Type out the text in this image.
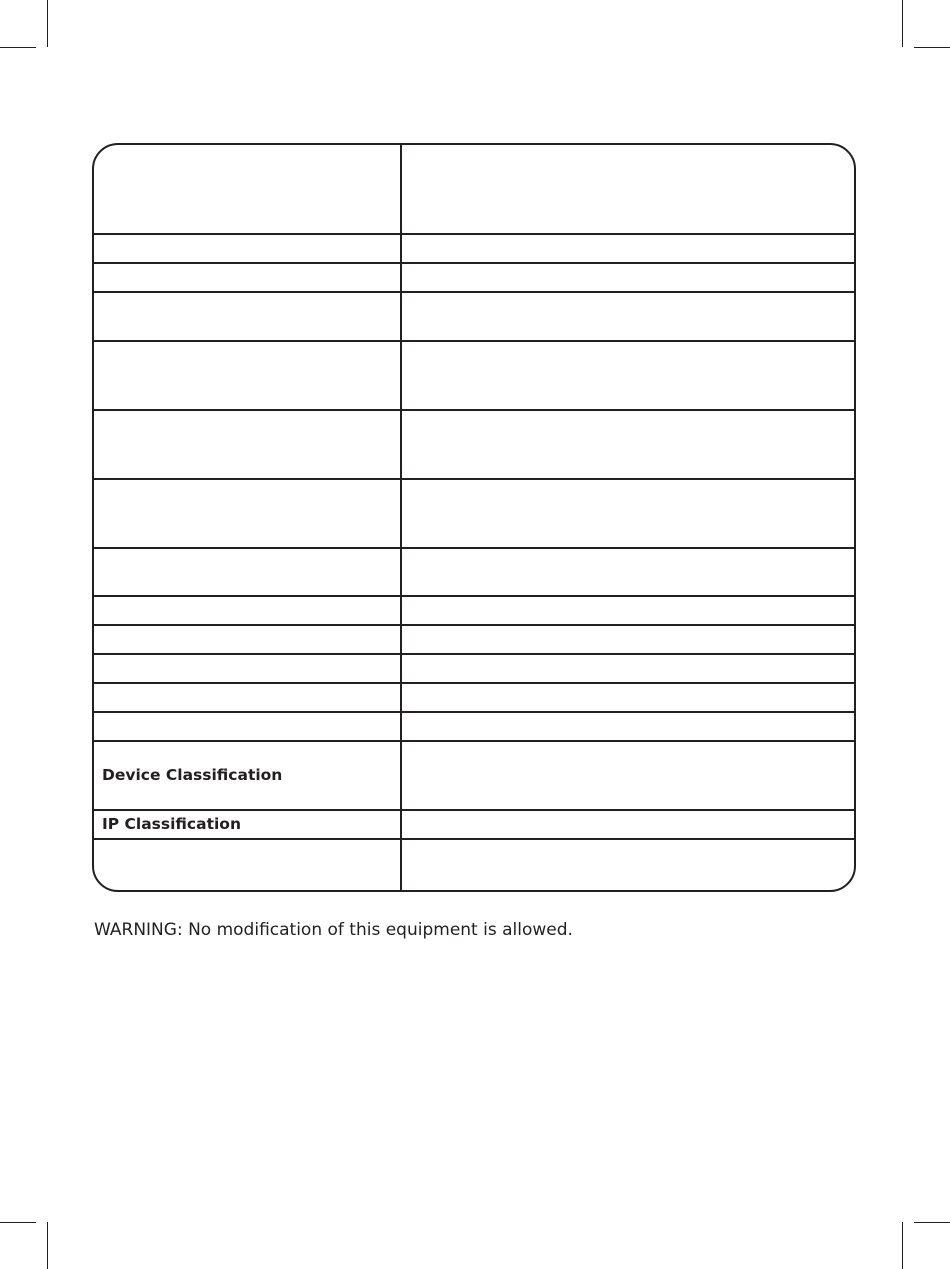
Device Classification
IP Classification
WARNING: No modification of this equipment is allowed.
